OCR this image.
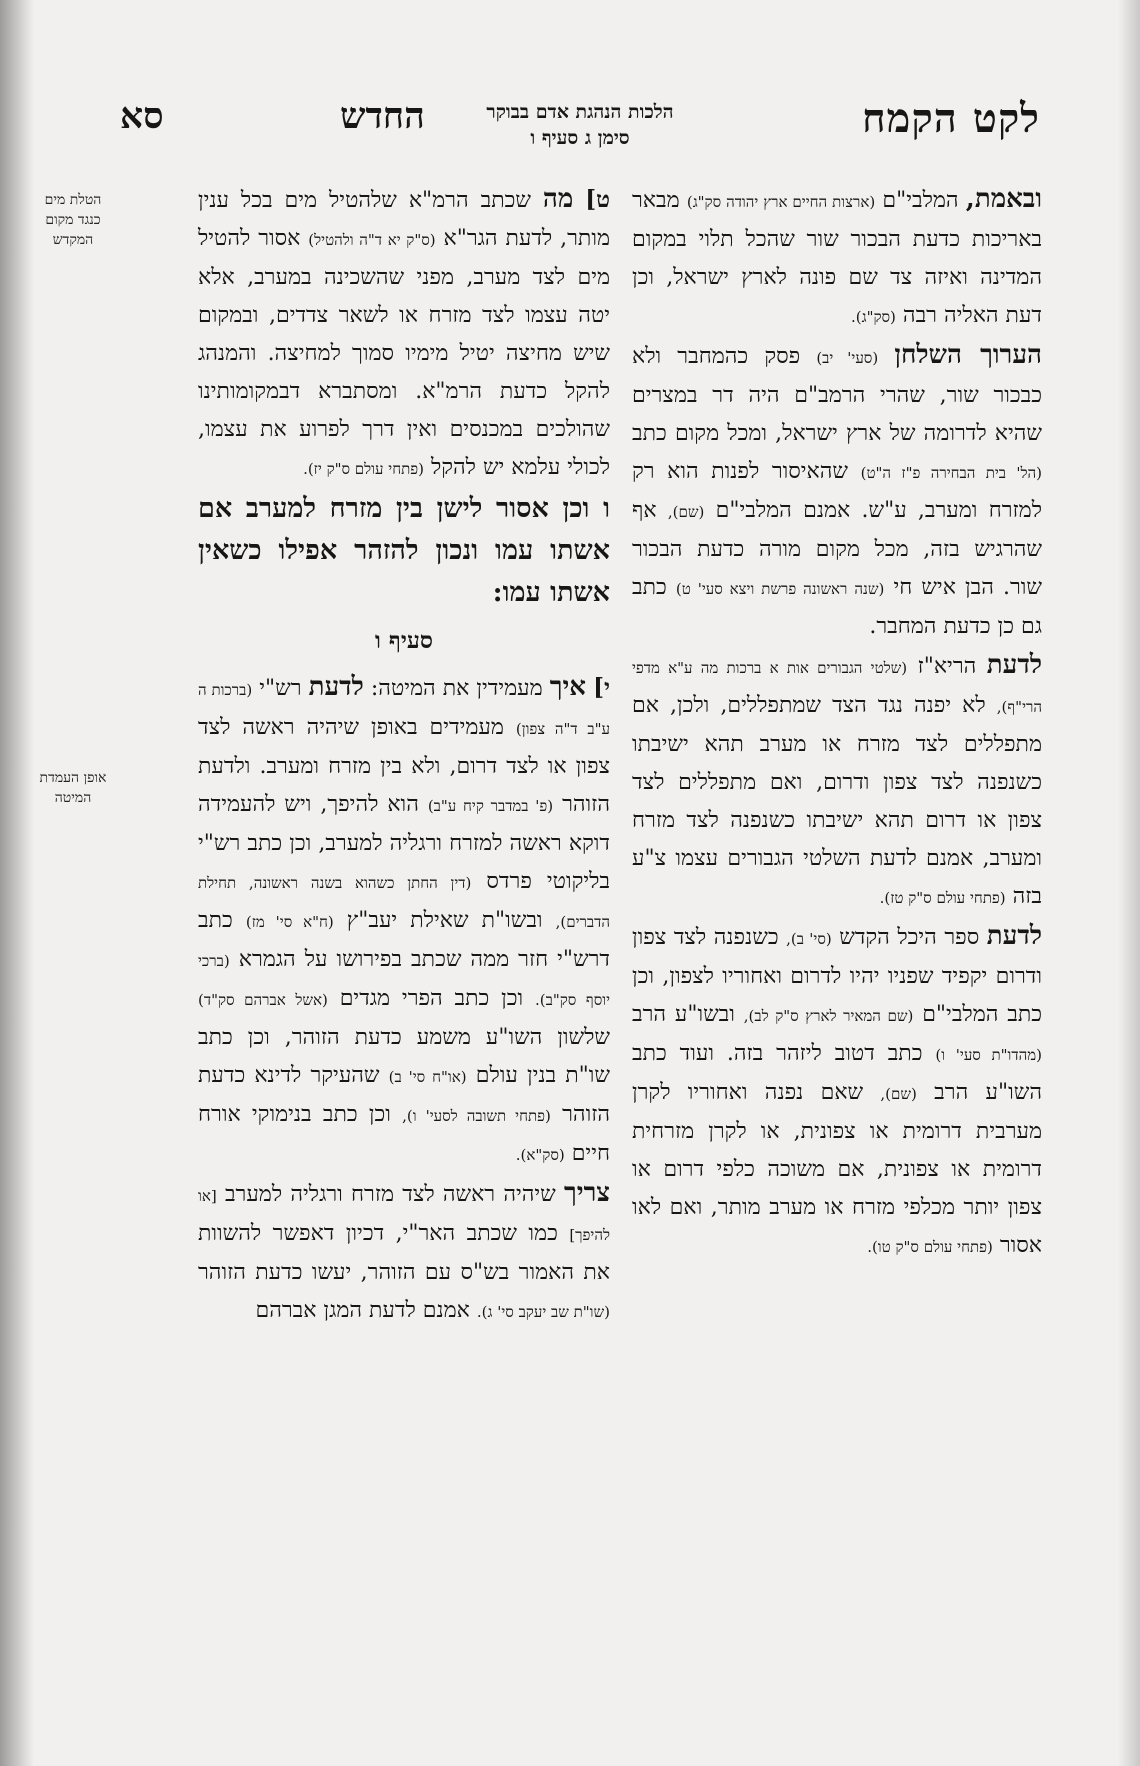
לקט הקמח
הלכות הנהגת אדם בבוקר
סימן ג סעיף ו
החדש
סא
הטלת מים כנגד מקום המקדש
אופן העמדת המיטה

ובאמת, המלבי"ם (ארצות החיים ארץ יהודה סק"ג) מבאר באריכות כדעת הבכור שור שהכל תלוי במקום המדינה ואיזה צד שם פונה לארץ ישראל, וכן דעת האליה רבה (סק"ג).

הערוך השלחן (סעי' יב) פסק כהמחבר ולא כבכור שור, שהרי הרמב"ם היה דר במצרים שהיא לדרומה של ארץ ישראל, ומכל מקום כתב (הל' בית הבחירה פ"ז ה"ט) שהאיסור לפנות הוא רק למזרח ומערב, ע"ש. אמנם המלבי"ם (שם), אף שהרגיש בזה, מכל מקום מורה כדעת הבכור שור. הבן איש חי (שנה ראשונה פרשת ויצא סעי' ט) כתב גם כן כדעת המחבר.

לדעת הריא"ז (שלטי הגבורים אות א ברכות מה ע"א מדפי הרי"ף), לא יפנה נגד הצד שמתפללים, ולכן, אם מתפללים לצד מזרח או מערב תהא ישיבתו כשנפנה לצד צפון ודרום, ואם מתפללים לצד צפון או דרום תהא ישיבתו כשנפנה לצד מזרח ומערב, אמנם לדעת השלטי הגבורים עצמו צ"ע בזה (פתחי עולם ס"ק טז).

לדעת ספר היכל הקדש (סי' ב), כשנפנה לצד צפון ודרום יקפיד שפניו יהיו לדרום ואחוריו לצפון, וכן כתב המלבי"ם (שם המאיר לארץ ס"ק לב), ובשו"ע הרב (מהדו"ת סעי' ו) כתב דטוב ליזהר בזה. ועוד כתב השו"ע הרב (שם), שאם נפנה ואחוריו לקרן מערבית דרומית או צפונית, או לקרן מזרחית דרומית או צפונית, אם משוכה כלפי דרום או צפון יותר מכלפי מזרח או מערב מותר, ואם לאו אסור (פתחי עולם ס"ק טו).

ט] מה שכתב הרמ"א שלהטיל מים בכל ענין מותר, לדעת הגר"א (ס"ק יא ד"ה ולהטיל) אסור להטיל מים לצד מערב, מפני שהשכינה במערב, אלא יטה עצמו לצד מזרח או לשאר צדדים, ובמקום שיש מחיצה יטיל מימיו סמוך למחיצה. והמנהג להקל כדעת הרמ"א. ומסתברא דבמקומותינו שהולכים במכנסים ואין דרך לפרוע את עצמו, לכולי עלמא יש להקל (פתחי עולם ס"ק יז).

ו וכן אסור לישן בין מזרח למערב אם אשתו עמו ונכון להזהר אפילו כשאין אשתו עמו:

סעיף ו

י] איך מעמידין את המיטה: לדעת רש"י (ברכות ה ע"ב ד"ה צפון) מעמידים באופן שיהיה ראשה לצד צפון או לצד דרום, ולא בין מזרח ומערב. ולדעת הזוהר (פ' במדבר קיח ע"ב) הוא להיפך, ויש להעמידה דוקא ראשה למזרח ורגליה למערב, וכן כתב רש"י בליקוטי פרדס (דין החתן כשהוא בשנה ראשונה, תחילת הדברים), ובשו"ת שאילת יעב"ץ (ח"א סי' מז) כתב דרש"י חזר ממה שכתב בפירושו על הגמרא (ברכי יוסף סק"ב). וכן כתב הפרי מגדים (אשל אברהם סק"ד) שלשון השו"ע משמע כדעת הזוהר, וכן כתב שו"ת בנין עולם (או"ח סי' ב) שהעיקר לדינא כדעת הזוהר (פתחי תשובה לסעי' ו), וכן כתב בנימוקי אורח חיים (סק"א).

צריך שיהיה ראשה לצד מזרח ורגליה למערב [או להיפך] כמו שכתב האר"י, דכיון דאפשר להשוות את האמור בש"ס עם הזוהר, יעשו כדעת הזוהר (שו"ת שב יעקב סי' ג). אמנם לדעת המגן אברהם
